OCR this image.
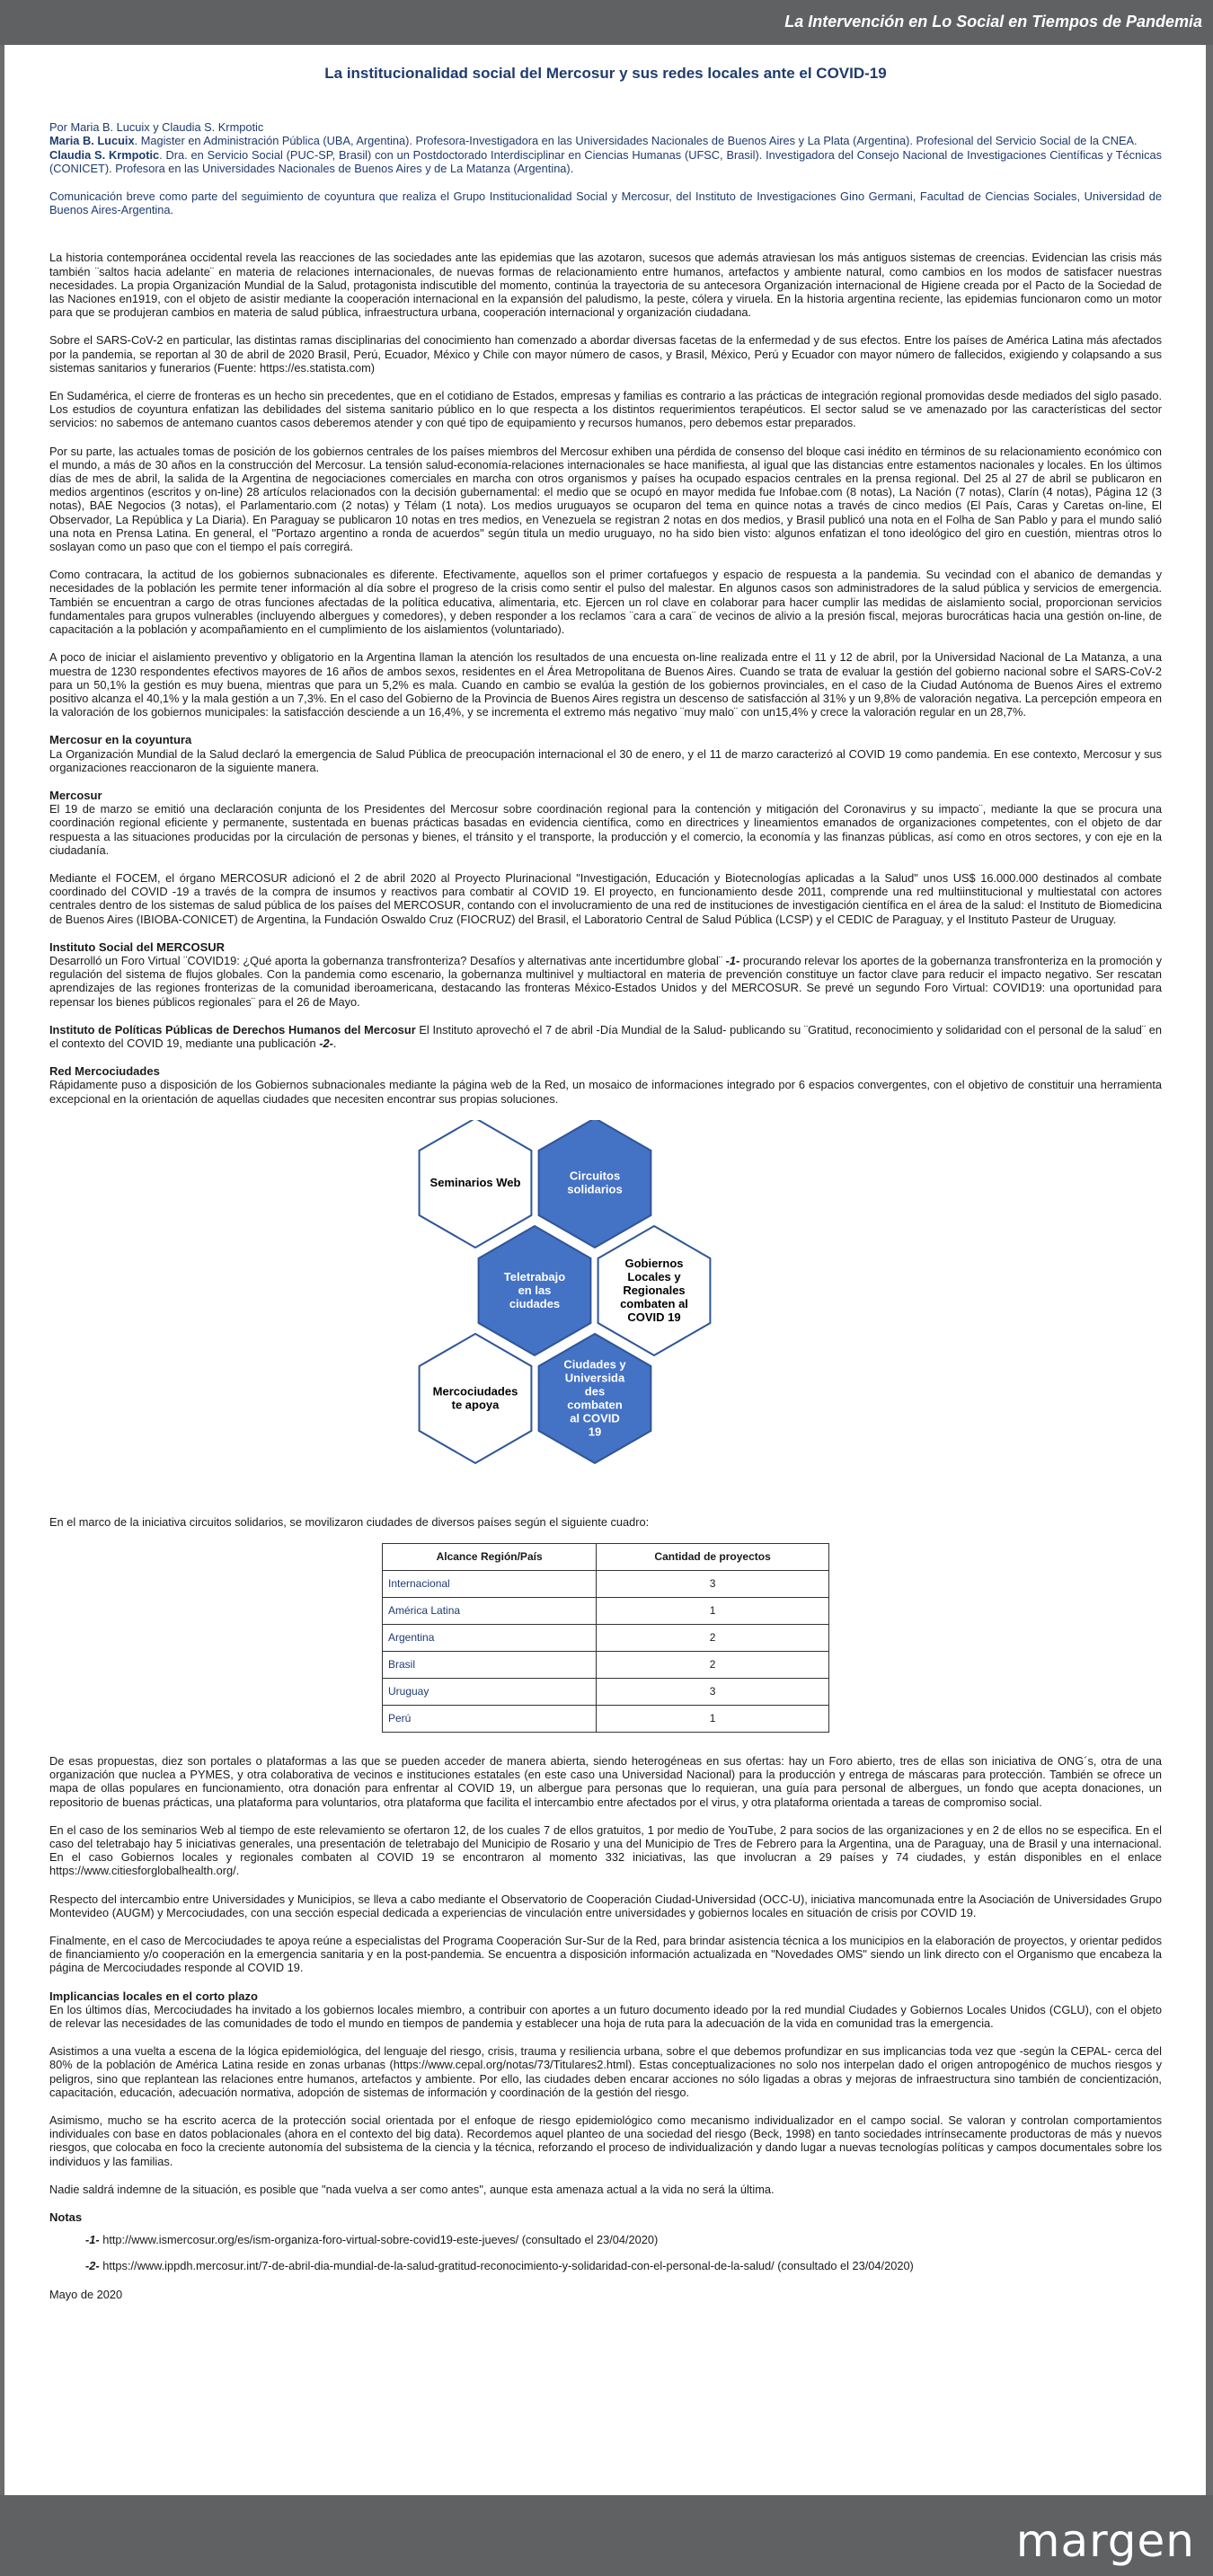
La Intervención en Lo Social en Tiempos de Pandemia
La institucionalidad social del Mercosur y sus redes locales ante el COVID-19
Por Maria B. Lucuix y Claudia S. Krmpotic
Maria B. Lucuix. Magister en Administración Pública (UBA, Argentina). Profesora-Investigadora en las Universidades Nacionales de Buenos Aires y La Plata (Argentina). Profesional del Servicio Social de la CNEA.
Claudia S. Krmpotic. Dra. en Servicio Social (PUC-SP, Brasil) con un Postdoctorado Interdisciplinar en Ciencias Humanas (UFSC, Brasil). Investigadora del Consejo Nacional de Investigaciones Científicas y Técnicas (CONICET). Profesora en las Universidades Nacionales de Buenos Aires y de La Matanza (Argentina).

Comunicación breve como parte del seguimiento de coyuntura que realiza el Grupo Institucionalidad Social y Mercosur, del Instituto de Investigaciones Gino Germani, Facultad de Ciencias Sociales, Universidad de Buenos Aires-Argentina.

La historia contemporánea occidental revela las reacciones de las sociedades ante las epidemias que las azotaron, sucesos que además atraviesan los más antiguos sistemas de creencias. Evidencian las crisis más también ¨saltos hacia adelante¨ en materia de relaciones internacionales, de nuevas formas de relacionamiento entre humanos, artefactos y ambiente natural, como cambios en los modos de satisfacer nuestras necesidades. La propia Organización Mundial de la Salud, protagonista indiscutible del momento, continúa la trayectoria de su antecesora Organización internacional de Higiene creada por el Pacto de la Sociedad de las Naciones en1919, con el objeto de asistir mediante la cooperación internacional en la expansión del paludismo, la peste, cólera y viruela. En la historia argentina reciente, las epidemias funcionaron como un motor para que se produjeran cambios en materia de salud pública, infraestructura urbana, cooperación internacional y organización ciudadana.

Sobre el SARS-CoV-2 en particular, las distintas ramas disciplinarias del conocimiento han comenzado a abordar diversas facetas de la enfermedad y de sus efectos. Entre los países de América Latina más afectados por la pandemia, se reportan al 30 de abril de 2020 Brasil, Perú, Ecuador, México y Chile con mayor número de casos, y Brasil, México, Perú y Ecuador con mayor número de fallecidos, exigiendo y colapsando a sus sistemas sanitarios y funerarios (Fuente: https://es.statista.com)

En Sudamérica, el cierre de fronteras es un hecho sin precedentes, que en el cotidiano de Estados, empresas y familias es contrario a las prácticas de integración regional promovidas desde mediados del siglo pasado. Los estudios de coyuntura enfatizan las debilidades del sistema sanitario público en lo que respecta a los distintos requerimientos terapéuticos. El sector salud se ve amenazado por las características del sector servicios: no sabemos de antemano cuantos casos deberemos atender y con qué tipo de equipamiento y recursos humanos, pero debemos estar preparados.

Por su parte, las actuales tomas de posición de los gobiernos centrales de los países miembros del Mercosur exhiben una pérdida de consenso del bloque casi inédito en términos de su relacionamiento económico con el mundo, a más de 30 años en la construcción del Mercosur. La tensión salud-economía-relaciones internacionales se hace manifiesta, al igual que las distancias entre estamentos nacionales y locales. En los últimos días de mes de abril, la salida de la Argentina de negociaciones comerciales en marcha con otros organismos y países ha ocupado espacios centrales en la prensa regional. Del 25 al 27 de abril se publicaron en medios argentinos (escritos y on-line) 28 artículos relacionados con la decisión gubernamental: el medio que se ocupó en mayor medida fue Infobae.com (8 notas), La Nación (7 notas), Clarín (4 notas), Página 12 (3 notas), BAE Negocios (3 notas), el Parlamentario.com (2 notas) y Télam (1 nota). Los medios uruguayos se ocuparon del tema en quince notas a través de cinco medios (El País, Caras y Caretas on-line, El Observador, La República y La Diaria). En Paraguay se publicaron 10 notas en tres medios, en Venezuela se registran 2 notas en dos medios, y Brasil publicó una nota en el Folha de San Pablo y para el mundo salió una nota en Prensa Latina. En general, el "Portazo argentino a ronda de acuerdos" según titula un medio uruguayo, no ha sido bien visto: algunos enfatizan el tono ideológico del giro en cuestión, mientras otros lo soslayan como un paso que con el tiempo el país corregirá.

Como contracara, la actitud de los gobiernos subnacionales es diferente. Efectivamente, aquellos son el primer cortafuegos y espacio de respuesta a la pandemia. Su vecindad con el abanico de demandas y necesidades de la población les permite tener información al día sobre el progreso de la crisis como sentir el pulso del malestar. En algunos casos son administradores de la salud pública y servicios de emergencia. También se encuentran a cargo de otras funciones afectadas de la política educativa, alimentaria, etc. Ejercen un rol clave en colaborar para hacer cumplir las medidas de aislamiento social, proporcionan servicios fundamentales para grupos vulnerables (incluyendo albergues y comedores), y deben responder a los reclamos ¨cara a cara¨ de vecinos de alivio a la presión fiscal, mejoras burocráticas hacia una gestión on-line, de capacitación a la población y acompañamiento en el cumplimiento de los aislamientos (voluntariado).

A poco de iniciar el aislamiento preventivo y obligatorio en la Argentina llaman la atención los resultados de una encuesta on-line realizada entre el 11 y 12 de abril, por la Universidad Nacional de La Matanza, a una muestra de 1230 respondentes efectivos mayores de 16 años de ambos sexos, residentes en el Área Metropolitana de Buenos Aires. Cuando se trata de evaluar la gestión del gobierno nacional sobre el SARS-CoV-2 para un 50,1% la gestión es muy buena, mientras que para un 5,2% es mala. Cuando en cambio se evalúa la gestión de los gobiernos provinciales, en el caso de la Ciudad Autónoma de Buenos Aires el extremo positivo alcanza el 40,1% y la mala gestión a un 7,3%. En el caso del Gobierno de la Provincia de Buenos Aires registra un descenso de satisfacción al 31% y un 9,8% de valoración negativa. La percepción empeora en la valoración de los gobiernos municipales: la satisfacción desciende a un 16,4%, y se incrementa el extremo más negativo ¨muy malo¨ con un15,4% y crece la valoración regular en un 28,7%.

Mercosur en la coyuntura

La Organización Mundial de la Salud declaró la emergencia de Salud Pública de preocupación internacional el 30 de enero, y el 11 de marzo caracterizó al COVID 19 como pandemia. En ese contexto, Mercosur y sus organizaciones reaccionaron de la siguiente manera.

Mercosur

El 19 de marzo se emitió una declaración conjunta de los Presidentes del Mercosur sobre coordinación regional para la contención y mitigación del Coronavirus y su impacto¨, mediante la que se procura una coordinación regional eficiente y permanente, sustentada en buenas prácticas basadas en evidencia científica, como en directrices y lineamientos emanados de organizaciones competentes, con el objeto de dar respuesta a las situaciones producidas por la circulación de personas y bienes, el tránsito y el transporte, la producción y el comercio, la economía y las finanzas públicas, así como en otros sectores, y con eje en la ciudadanía.

Mediante el FOCEM, el órgano MERCOSUR adicionó el 2 de abril 2020 al Proyecto Plurinacional "Investigación, Educación y Biotecnologías aplicadas a la Salud" unos US$ 16.000.000 destinados al combate coordinado del COVID -19 a través de la compra de insumos y reactivos para combatir al COVID 19. El proyecto, en funcionamiento desde 2011, comprende una red multiinstitucional y multiestatal con actores centrales dentro de los sistemas de salud pública de los países del MERCOSUR, contando con el involucramiento de una red de instituciones de investigación científica en el área de la salud: el Instituto de Biomedicina de Buenos Aires (IBIOBA-CONICET) de Argentina, la Fundación Oswaldo Cruz (FIOCRUZ) del Brasil, el Laboratorio Central de Salud Pública (LCSP) y el CEDIC de Paraguay, y el Instituto Pasteur de Uruguay.

Instituto Social del MERCOSUR

Desarrolló un Foro Virtual ¨COVID19: ¿Qué aporta la gobernanza transfronteriza? Desafíos y alternativas ante incertidumbre global¨ -1- procurando relevar los aportes de la gobernanza transfronteriza en la promoción y regulación del sistema de flujos globales. Con la pandemia como escenario, la gobernanza multinivel y multiactoral en materia de prevención constituye un factor clave para reducir el impacto negativo. Ser rescatan aprendizajes de las regiones fronterizas de la comunidad iberoamericana, destacando las fronteras México-Estados Unidos y del MERCOSUR. Se prevé un segundo Foro Virtual: COVID19: una oportunidad para repensar los bienes públicos regionales¨ para el 26 de Mayo.

Instituto de Políticas Públicas de Derechos Humanos del Mercosur El Instituto aprovechó el 7 de abril -Día Mundial de la Salud- publicando su ¨Gratitud, reconocimiento y solidaridad con el personal de la salud¨ en el contexto del COVID 19, mediante una publicación -2-.

Red Mercociudades

Rápidamente puso a disposición de los Gobiernos subnacionales mediante la página web de la Red, un mosaico de informaciones integrado por 6 espacios convergentes, con el objetivo de constituir una herramienta excepcional en la orientación de aquellas ciudades que necesiten encontrar sus propias soluciones.

Seminarios Web	Circuitos
solidarios
Teletrabajo
en las
ciudades
Gobiernos
Locales y
Regionales
combaten al
COVID 19
Mercociudades
te apoya
Ciudades y
Universida
des
combaten
al COVID
19

En el marco de la iniciativa circuitos solidarios, se movilizaron ciudades de diversos países según el siguiente cuadro:

Alcance Región/País	Cantidad de proyectos
Internacional	3
América Latina	1
Argentina	2
Brasil	2
Uruguay	3
Perú	1

De esas propuestas, diez son portales o plataformas a las que se pueden acceder de manera abierta, siendo heterogéneas en sus ofertas: hay un Foro abierto, tres de ellas son iniciativa de ONG´s, otra de una organización que nuclea a PYMES, y otra colaborativa de vecinos e instituciones estatales (en este caso una Universidad Nacional) para la producción y entrega de máscaras para protección. También se ofrece un mapa de ollas populares en funcionamiento, otra donación para enfrentar al COVID 19, un albergue para personas que lo requieran, una guía para personal de albergues, un fondo que acepta donaciones, un repositorio de buenas prácticas, una plataforma para voluntarios, otra plataforma que facilita el intercambio entre afectados por el virus, y otra plataforma orientada a tareas de compromiso social.

En el caso de los seminarios Web al tiempo de este relevamiento se ofertaron 12, de los cuales 7 de ellos gratuitos, 1 por medio de YouTube, 2 para socios de las organizaciones y en 2 de ellos no se especifica. En el caso del teletrabajo hay 5 iniciativas generales, una presentación de teletrabajo del Municipio de Rosario y una del Municipio de Tres de Febrero para la Argentina, una de Paraguay, una de Brasil y una internacional. En el caso Gobiernos locales y regionales combaten al COVID 19 se encontraron al momento 332 iniciativas, las que involucran a 29 países y 74 ciudades, y están disponibles en el enlace https://www.citiesforglobalhealth.org/.

Respecto del intercambio entre Universidades y Municipios, se lleva a cabo mediante el Observatorio de Cooperación Ciudad-Universidad (OCC-U), iniciativa mancomunada entre la Asociación de Universidades Grupo Montevideo (AUGM) y Mercociudades, con una sección especial dedicada a experiencias de vinculación entre universidades y gobiernos locales en situación de crisis por COVID 19.

Finalmente, en el caso de Mercociudades te apoya reúne a especialistas del Programa Cooperación Sur-Sur de la Red, para brindar asistencia técnica a los municipios en la elaboración de proyectos, y orientar pedidos de financiamiento y/o cooperación en la emergencia sanitaria y en la post-pandemia. Se encuentra a disposición información actualizada en "Novedades OMS" siendo un link directo con el Organismo que encabeza la página de Mercociudades responde al COVID 19.

Implicancias locales en el corto plazo

En los últimos días, Mercociudades ha invitado a los gobiernos locales miembro, a contribuir con aportes a un futuro documento ideado por la red mundial Ciudades y Gobiernos Locales Unidos (CGLU), con el objeto de relevar las necesidades de las comunidades de todo el mundo en tiempos de pandemia y establecer una hoja de ruta para la adecuación de la vida en comunidad tras la emergencia.

Asistimos a una vuelta a escena de la lógica epidemiológica, del lenguaje del riesgo, crisis, trauma y resiliencia urbana, sobre el que debemos profundizar en sus implicancias toda vez que -según la CEPAL- cerca del 80% de la población de América Latina reside en zonas urbanas (https://www.cepal.org/notas/73/Titulares2.html). Estas conceptualizaciones no solo nos interpelan dado el origen antropogénico de muchos riesgos y peligros, sino que replantean las relaciones entre humanos, artefactos y ambiente. Por ello, las ciudades deben encarar acciones no sólo ligadas a obras y mejoras de infraestructura sino también de concientización, capacitación, educación, adecuación normativa, adopción de sistemas de información y coordinación de la gestión del riesgo.

Asimismo, mucho se ha escrito acerca de la protección social orientada por el enfoque de riesgo epidemiológico como mecanismo individualizador en el campo social. Se valoran y controlan comportamientos individuales con base en datos poblacionales (ahora en el contexto del big data). Recordemos aquel planteo de una sociedad del riesgo (Beck, 1998) en tanto sociedades intrínsecamente productoras de más y nuevos riesgos, que colocaba en foco la creciente autonomía del subsistema de la ciencia y la técnica, reforzando el proceso de individualización y dando lugar a nuevas tecnologías políticas y campos documentales sobre los individuos y las familias.

Nadie saldrá indemne de la situación, es posible que "nada vuelva a ser como antes", aunque esta amenaza actual a la vida no será la última.

Notas
-1- http://www.ismercosur.org/es/ism-organiza-foro-virtual-sobre-covid19-este-jueves/ (consultado el 23/04/2020)
-2- https://www.ippdh.mercosur.int/7-de-abril-dia-mundial-de-la-salud-gratitud-reconocimiento-y-solidaridad-con-el-personal-de-la-salud/ (consultado el 23/04/2020)

Mayo de 2020

margen
